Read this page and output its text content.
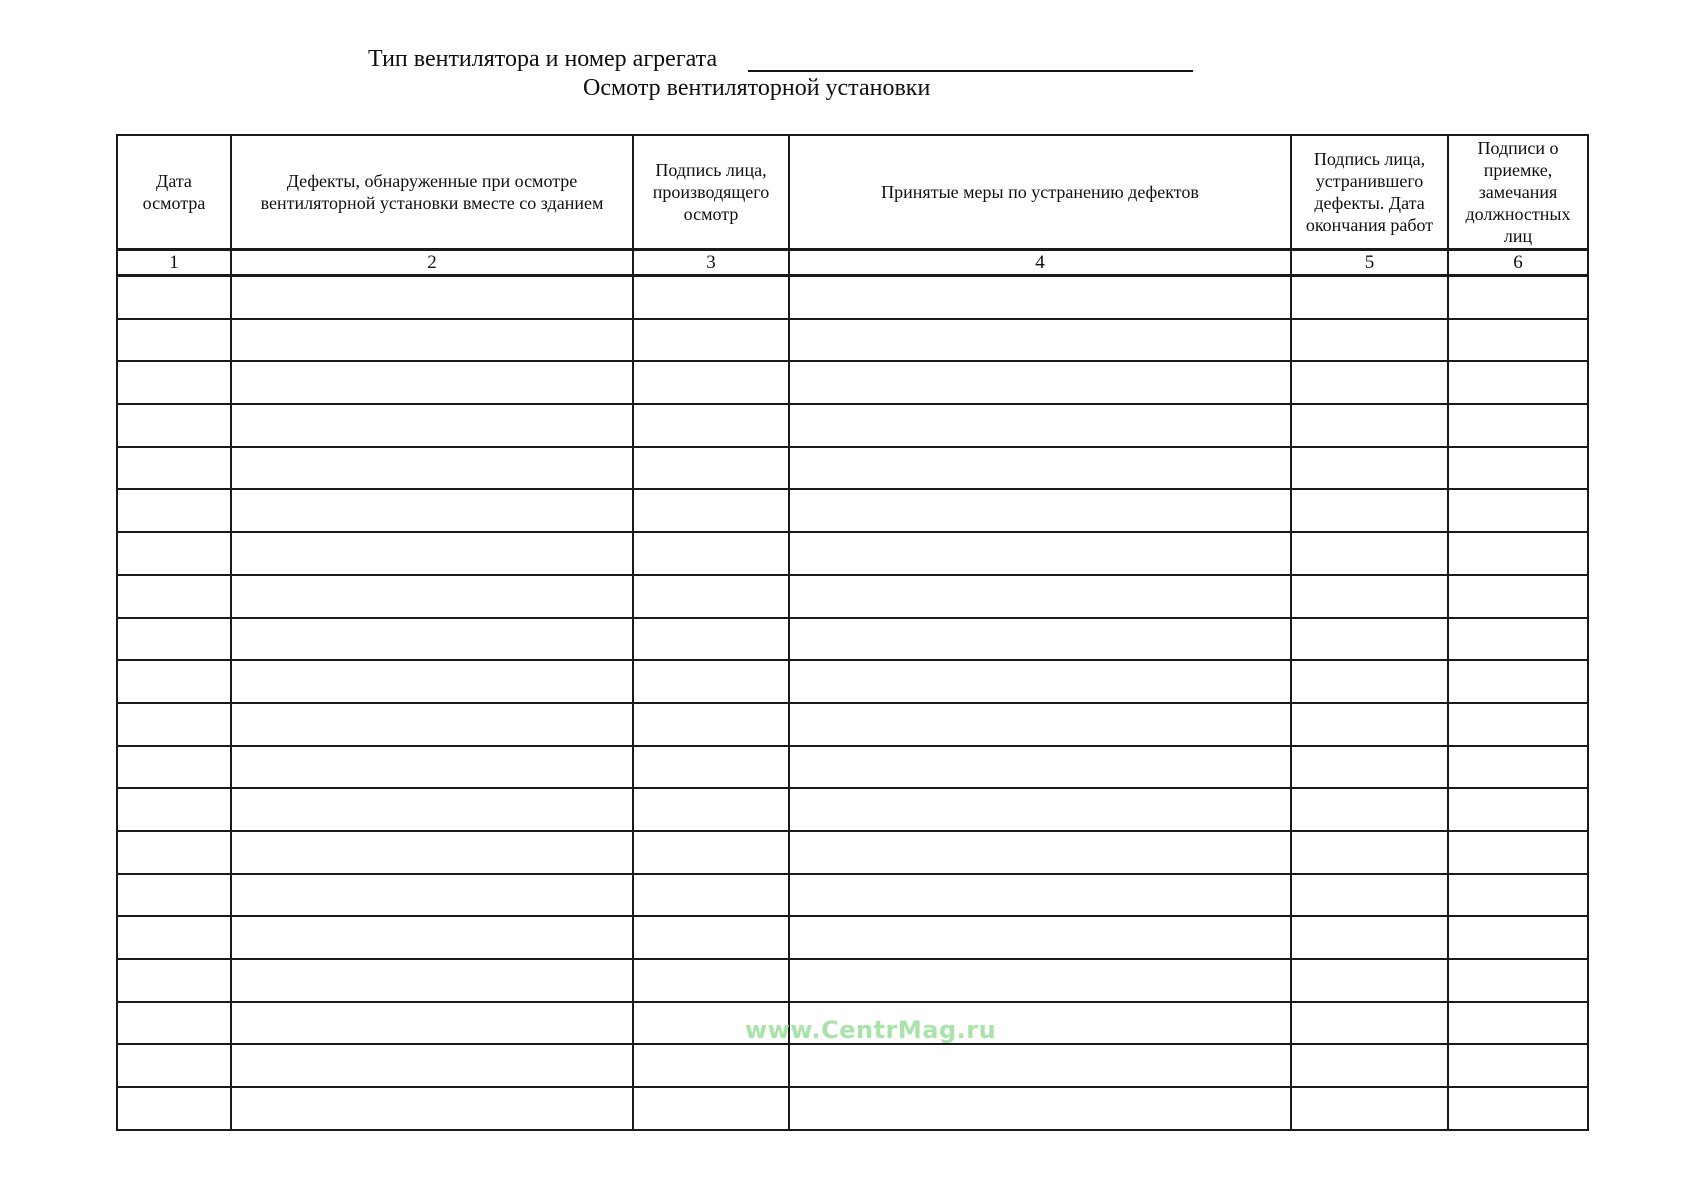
Тип вентилятора и номер агрегата
Осмотр вентиляторной установки
Дата осмотра	Дефекты, обнаруженные при осмотре вентиляторной установки вместе со зданием	Подпись лица, производящего осмотр	Принятые меры по устранению дефектов	Подпись лица, устранившего дефекты. Дата окончания работ	Подписи о приемке, замечания должностных лиц
1	2	3	4	5	6

www.CentrMag.ru
